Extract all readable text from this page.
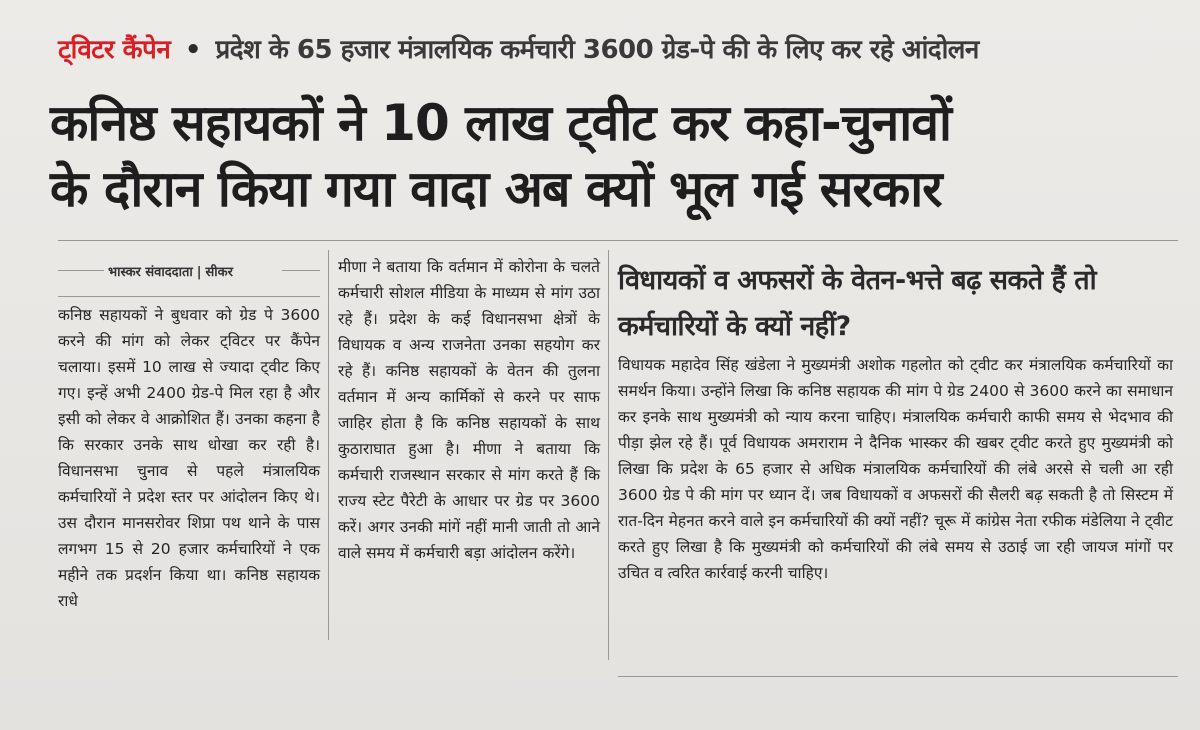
ट्विटर कैंपेन • प्रदेश के 65 हजार मंत्रालयिक कर्मचारी 3600 ग्रेड-पे की के लिए कर रहे आंदोलन
कनिष्ठ सहायकों ने 10 लाख ट्वीट कर कहा-चुनावों
के दौरान किया गया वादा अब क्यों भूल गई सरकार
भास्कर संवाददाता | सीकर
कनिष्ठ सहायकों ने बुधवार को ग्रेड पे 3600 करने की मांग को लेकर ट्विटर पर कैंपेन चलाया। इसमें 10 लाख से ज्यादा ट्वीट किए गए। इन्हें अभी 2400 ग्रेड-पे मिल रहा है और इसी को लेकर वे आक्रोशित हैं। उनका कहना है कि सरकार उनके साथ धोखा कर रही है। विधानसभा चुनाव से पहले मंत्रालयिक कर्मचारियों ने प्रदेश स्तर पर आंदोलन किए थे। उस दौरान मानसरोवर शिप्रा पथ थाने के पास लगभग 15 से 20 हजार कर्मचारियों ने एक महीने तक प्रदर्शन किया था। कनिष्ठ सहायक राधे
मीणा ने बताया कि वर्तमान में कोरोना के चलते कर्मचारी सोशल मीडिया के माध्यम से मांग उठा रहे हैं। प्रदेश के कई विधानसभा क्षेत्रों के विधायक व अन्य राजनेता उनका सहयोग कर रहे हैं। कनिष्ठ सहायकों के वेतन की तुलना वर्तमान में अन्य कार्मिकों से करने पर साफ जाहिर होता है कि कनिष्ठ सहायकों के साथ कुठाराघात हुआ है। मीणा ने बताया कि कर्मचारी राजस्थान सरकार से मांग करते हैं कि राज्य स्टेट पैरेटी के आधार पर ग्रेड पर 3600 करें। अगर उनकी मांगें नहीं मानी जाती तो आने वाले समय में कर्मचारी बड़ा आंदोलन करेंगे।
विधायकों व अफसरों के वेतन-भत्ते बढ़ सकते हैं तो कर्मचारियों के क्यों नहीं?
विधायक महादेव सिंह खंडेला ने मुख्यमंत्री अशोक गहलोत को ट्वीट कर मंत्रालयिक कर्मचारियों का समर्थन किया। उन्होंने लिखा कि कनिष्ठ सहायक की मांग पे ग्रेड 2400 से 3600 करने का समाधान कर इनके साथ मुख्यमंत्री को न्याय करना चाहिए। मंत्रालयिक कर्मचारी काफी समय से भेदभाव की पीड़ा झेल रहे हैं। पूर्व विधायक अमराराम ने दैनिक भास्कर की खबर ट्वीट करते हुए मुख्यमंत्री को लिखा कि प्रदेश के 65 हजार से अधिक मंत्रालयिक कर्मचारियों की लंबे अरसे से चली आ रही 3600 ग्रेड पे की मांग पर ध्यान दें। जब विधायकों व अफसरों की सैलरी बढ़ सकती है तो सिस्टम में रात-दिन मेहनत करने वाले इन कर्मचारियों की क्यों नहीं? चूरू में कांग्रेस नेता रफीक मंडेलिया ने ट्वीट करते हुए लिखा है कि मुख्यमंत्री को कर्मचारियों की लंबे समय से उठाई जा रही जायज मांगों पर उचित व त्वरित कार्रवाई करनी चाहिए।
